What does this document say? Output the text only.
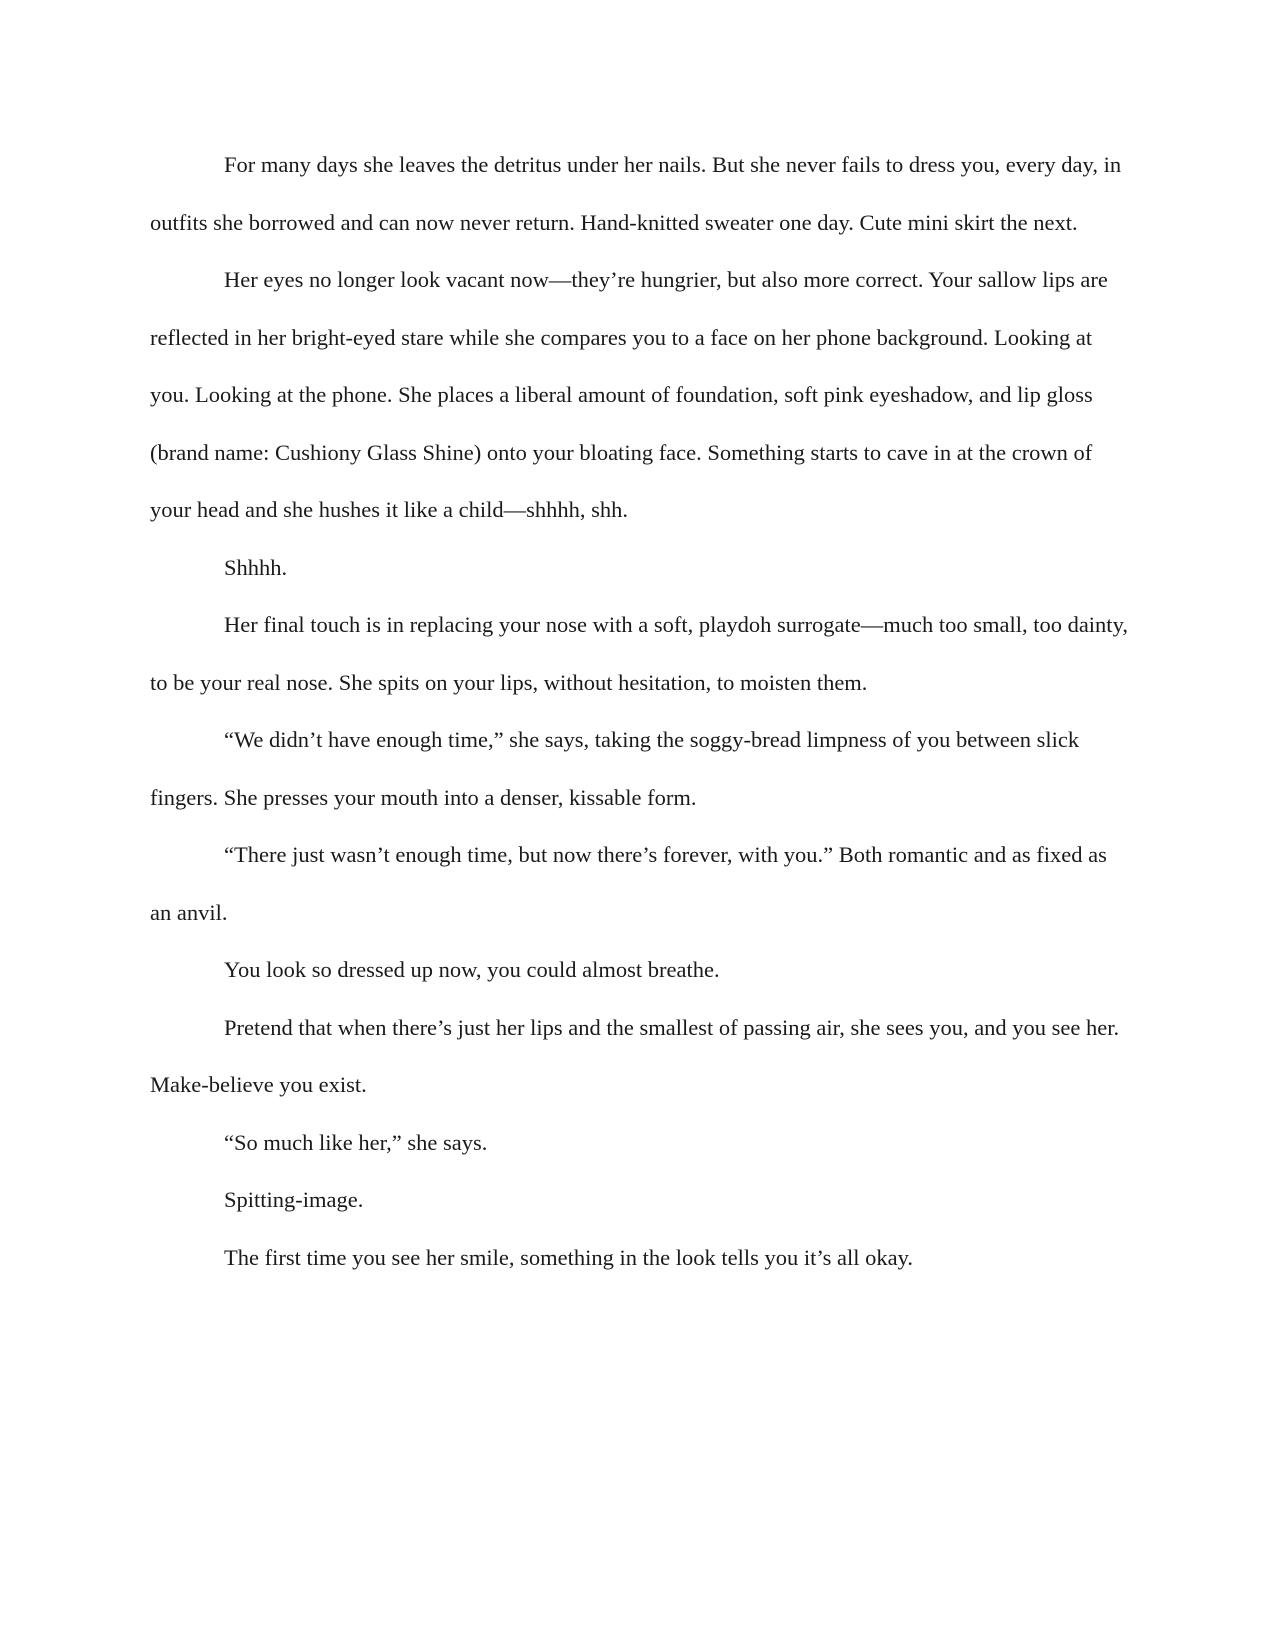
For many days she leaves the detritus under her nails. But she never fails to dress you, every day, in outfits she borrowed and can now never return. Hand-knitted sweater one day. Cute mini skirt the next.

Her eyes no longer look vacant now—they’re hungrier, but also more correct. Your sallow lips are reflected in her bright-eyed stare while she compares you to a face on her phone background. Looking at you. Looking at the phone. She places a liberal amount of foundation, soft pink eyeshadow, and lip gloss (brand name: Cushiony Glass Shine) onto your bloating face. Something starts to cave in at the crown of your head and she hushes it like a child—shhhh, shh.

Shhhh.

Her final touch is in replacing your nose with a soft, playdoh surrogate—much too small, too dainty, to be your real nose. She spits on your lips, without hesitation, to moisten them.

“We didn’t have enough time,” she says, taking the soggy-bread limpness of you between slick fingers. She presses your mouth into a denser, kissable form.

“There just wasn’t enough time, but now there’s forever, with you.” Both romantic and as fixed as an anvil.

You look so dressed up now, you could almost breathe.

Pretend that when there’s just her lips and the smallest of passing air, she sees you, and you see her. Make-believe you exist.

“So much like her,” she says.

Spitting-image.

The first time you see her smile, something in the look tells you it’s all okay.
